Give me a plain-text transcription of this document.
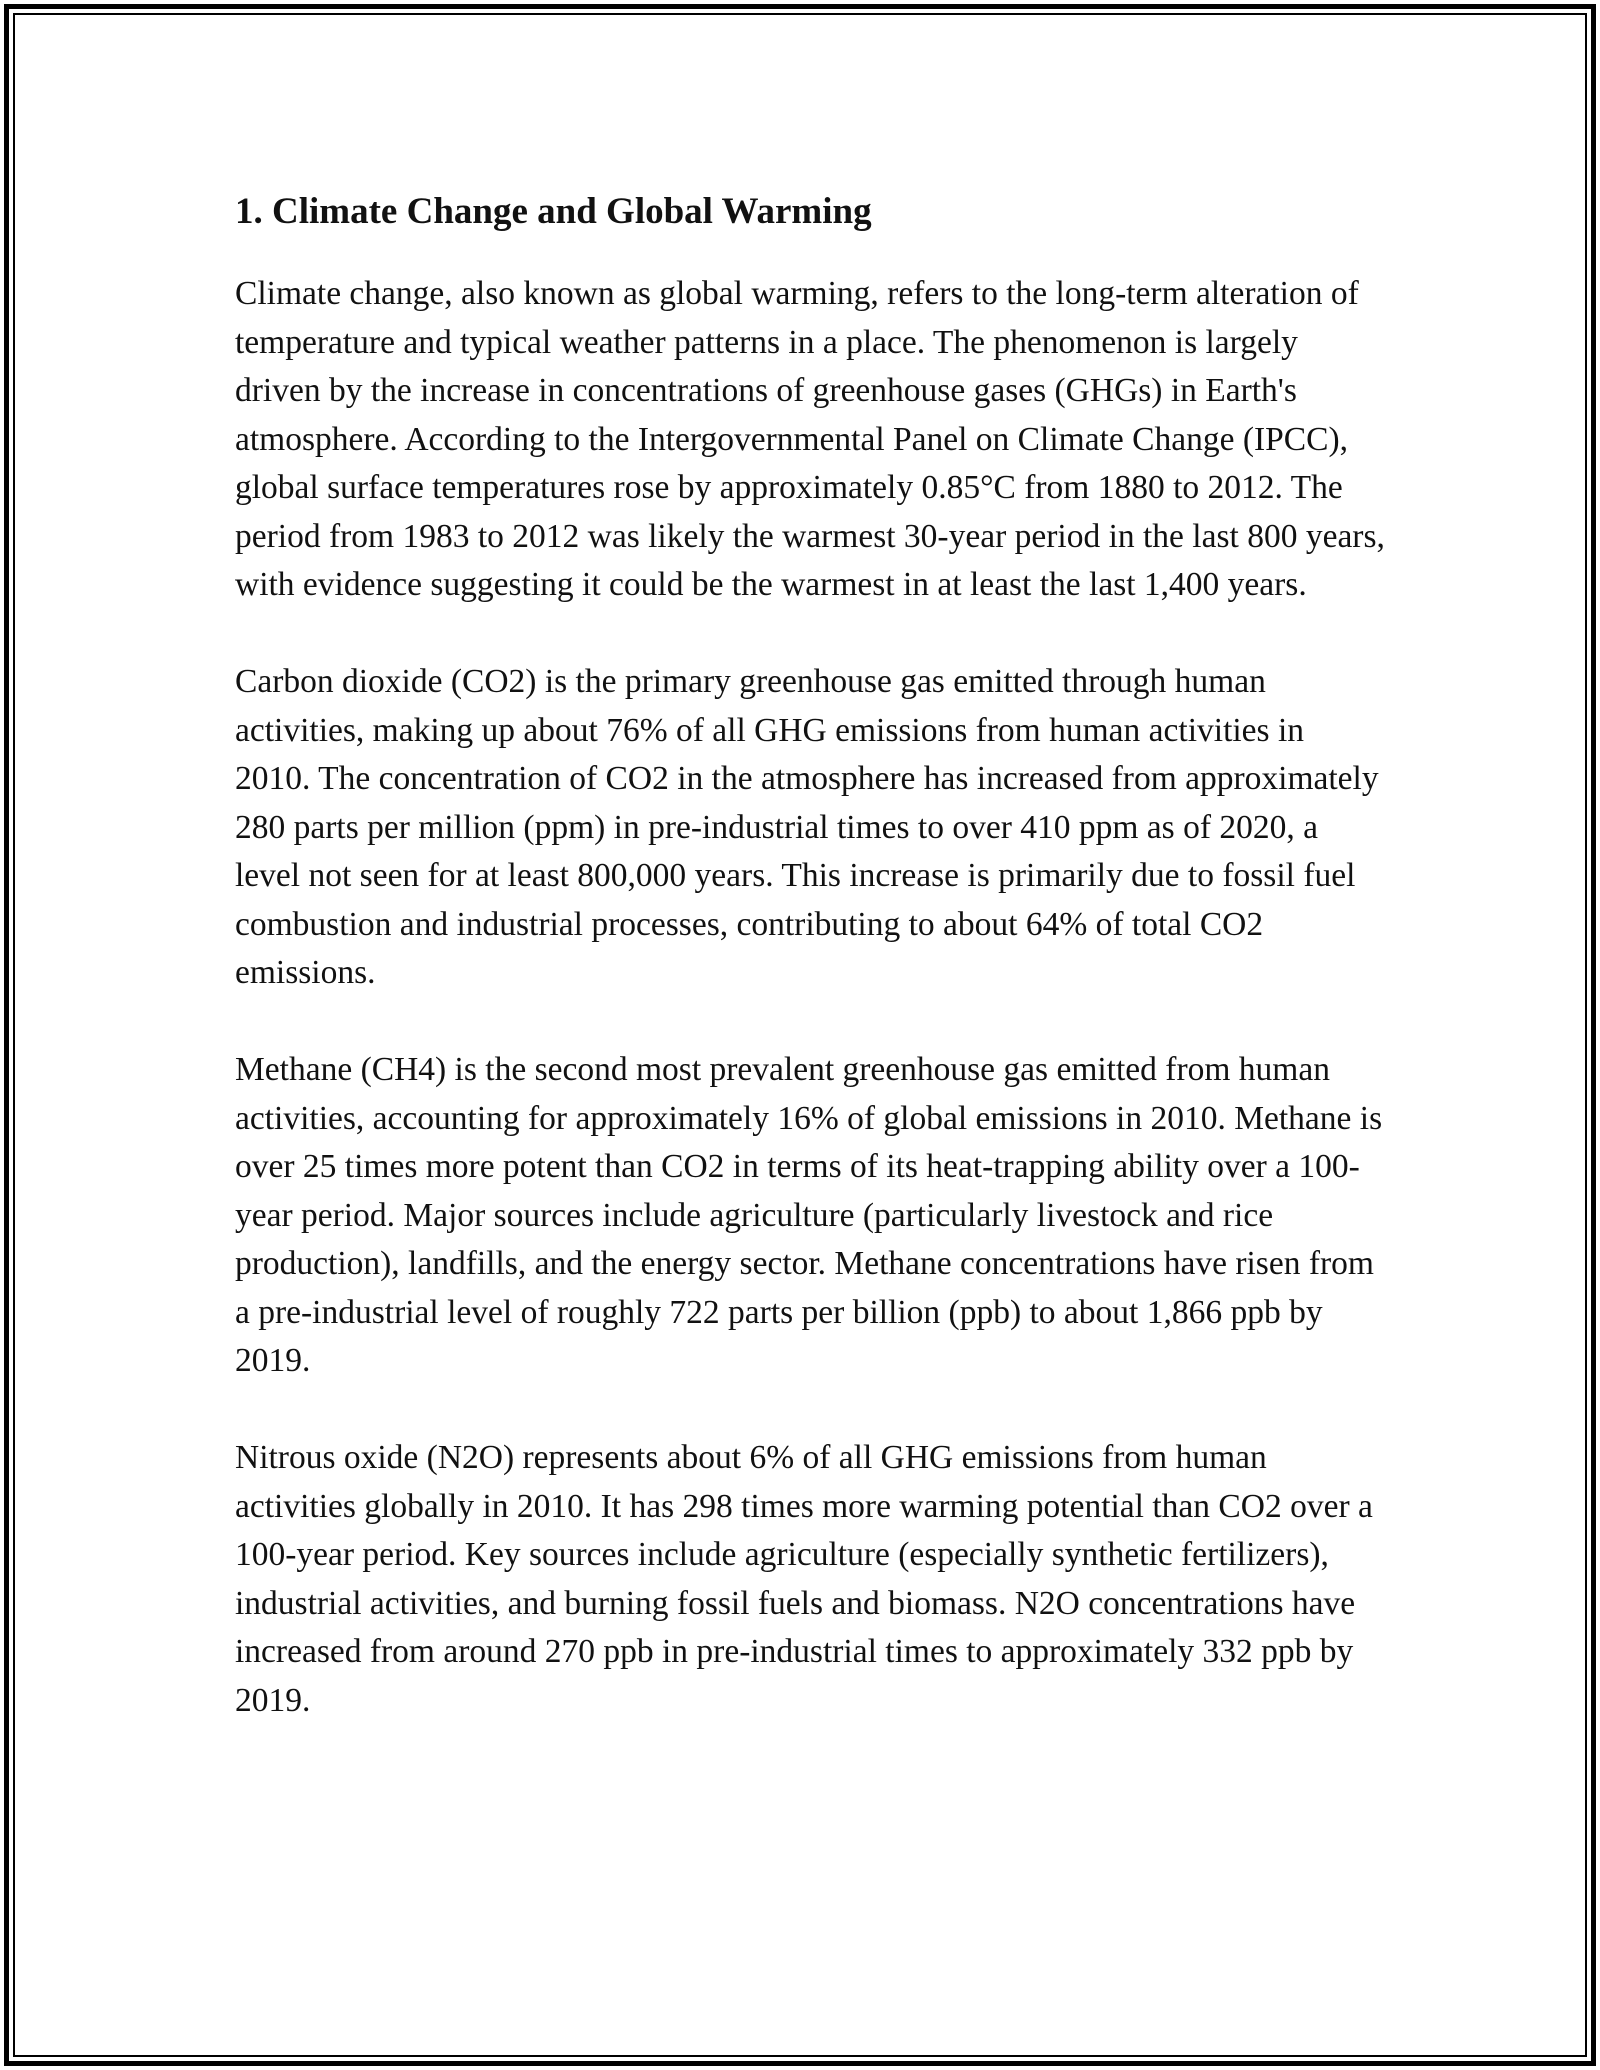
1. Climate Change and Global Warming

Climate change, also known as global warming, refers to the long-term alteration of temperature and typical weather patterns in a place. The phenomenon is largely driven by the increase in concentrations of greenhouse gases (GHGs) in Earth's atmosphere. According to the Intergovernmental Panel on Climate Change (IPCC), global surface temperatures rose by approximately 0.85°C from 1880 to 2012. The period from 1983 to 2012 was likely the warmest 30-year period in the last 800 years, with evidence suggesting it could be the warmest in at least the last 1,400 years.

Carbon dioxide (CO2) is the primary greenhouse gas emitted through human activities, making up about 76% of all GHG emissions from human activities in 2010. The concentration of CO2 in the atmosphere has increased from approximately 280 parts per million (ppm) in pre-industrial times to over 410 ppm as of 2020, a level not seen for at least 800,000 years. This increase is primarily due to fossil fuel combustion and industrial processes, contributing to about 64% of total CO2 emissions.

Methane (CH4) is the second most prevalent greenhouse gas emitted from human activities, accounting for approximately 16% of global emissions in 2010. Methane is over 25 times more potent than CO2 in terms of its heat-trapping ability over a 100-year period. Major sources include agriculture (particularly livestock and rice production), landfills, and the energy sector. Methane concentrations have risen from a pre-industrial level of roughly 722 parts per billion (ppb) to about 1,866 ppb by 2019.

Nitrous oxide (N2O) represents about 6% of all GHG emissions from human activities globally in 2010. It has 298 times more warming potential than CO2 over a 100-year period. Key sources include agriculture (especially synthetic fertilizers), industrial activities, and burning fossil fuels and biomass. N2O concentrations have increased from around 270 ppb in pre-industrial times to approximately 332 ppb by 2019.
